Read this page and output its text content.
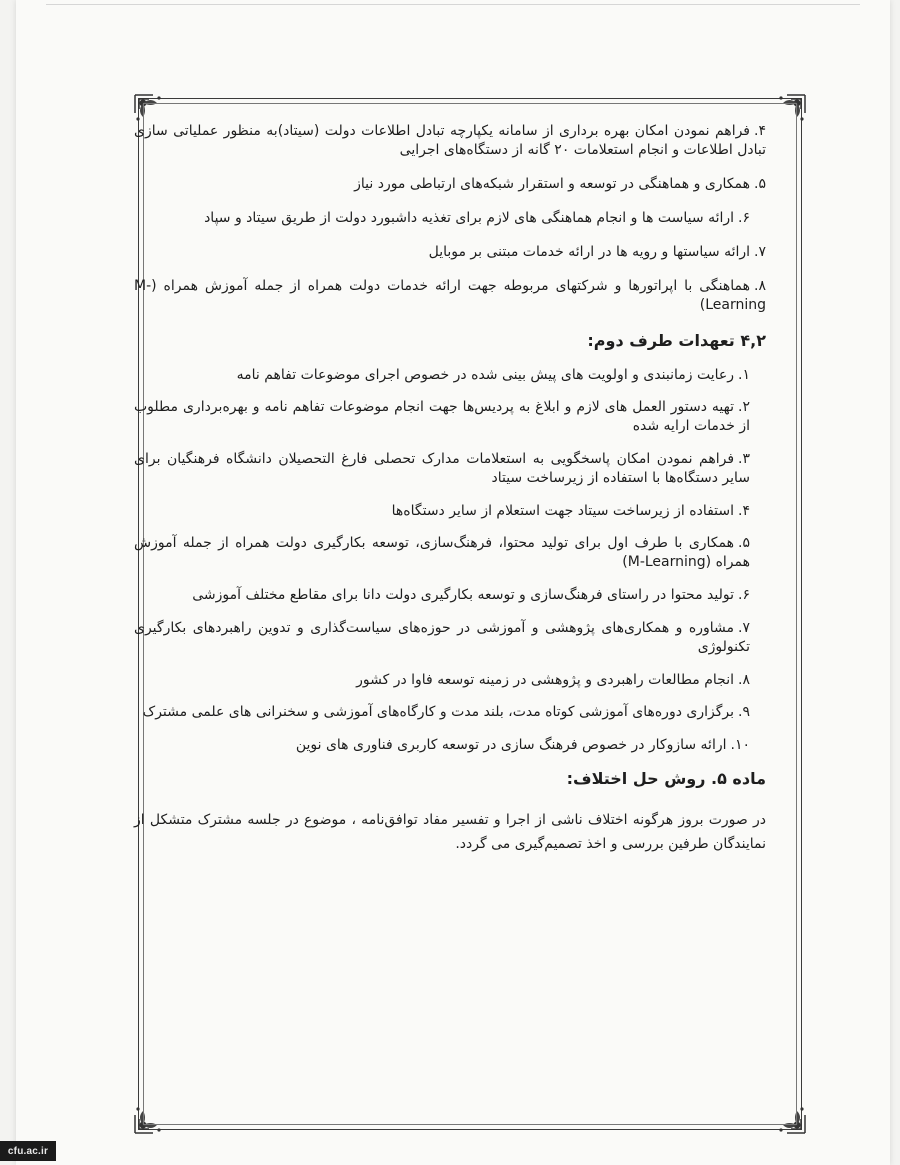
۴.فراهم نمودن امکان بهره برداری از سامانه یکپارچه تبادل اطلاعات دولت (سیتاد)به منظور عملیاتی سازی تبادل اطلاعات و انجام استعلامات ۲۰ گانه از دستگاه‌های اجرایی
۵.همکاری و هماهنگی در توسعه و استقرار شبکه‌های ارتباطی مورد نیاز
۶.ارائه سیاست ها و انجام هماهنگی های لازم برای تغذیه داشبورد دولت از طریق سیتاد و سپاد
۷.ارائه سیاستها و رویه ها در ارائه خدمات مبتنی بر موبایل
۸.هماهنگی با اپراتورها و شرکتهای مربوطه جهت ارائه خدمات دولت همراه از جمله آموزش همراه (M-Learning)
۴,۲ تعهدات طرف دوم:
۱.رعایت زمانبندی و اولویت های پیش بینی شده در خصوص اجرای موضوعات تفاهم نامه
۲.تهیه دستور العمل های لازم و ابلاغ به پردیس‌ها جهت انجام موضوعات تفاهم نامه و بهره‌برداری مطلوب از خدمات ارایه شده
۳.فراهم نمودن امکان پاسخگویی به استعلامات مدارک تحصلی فارغ التحصیلان دانشگاه فرهنگیان برای سایر دستگاه‌ها با استفاده از زیرساخت سیتاد
۴.استفاده از زیرساخت سیتاد جهت استعلام از سایر دستگاه‌ها
۵.همکاری با طرف اول برای تولید محتوا، فرهنگ‌سازی، توسعه بکارگیری دولت همراه از جمله آموزش همراه (M-Learning)
۶.تولید محتوا در راستای فرهنگ‌سازی و توسعه بکارگیری دولت دانا برای مقاطع مختلف آموزشی
۷.مشاوره و همکاری‌های پژوهشی و آموزشی در حوزه‌های سیاست‌گذاری و تدوین راهبردهای بکارگیری تکنولوژی
۸.انجام مطالعات راهبردی و پژوهشی در زمینه توسعه فاوا در کشور
۹.برگزاری دوره‌های آموزشی کوتاه مدت، بلند مدت و کارگاه‌های آموزشی و سخنرانی های علمی مشترک
۱۰.ارائه سازوکار در خصوص فرهنگ سازی در توسعه کاربری فناوری های نوین
ماده ۵. روش حل اختلاف:

در صورت بروز هرگونه اختلاف ناشی از اجرا و تفسیر مفاد توافق‌نامه ، موضوع در جلسه مشترک متشکل از نمایندگان طرفین بررسی و اخذ تصمیم‌گیری می گردد.

cfu.ac.ir
